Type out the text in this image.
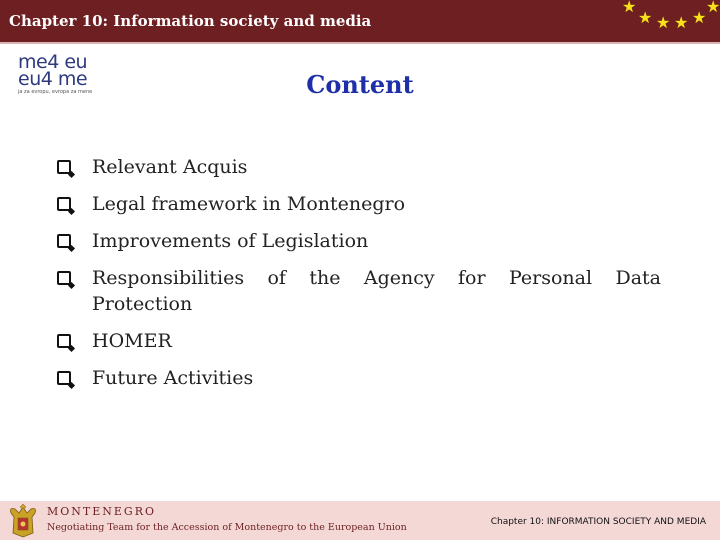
Chapter 10: Information society and media
★
★ ★ ★ ★
★
me4 eu
eu4 me
ja za evropu, evropa za mene	Content
Relevant Acquis
Legal framework in Montenegro
Improvements of Legislation
Responsibilities of the Agency for Personal Data Protection
HOMER
Future Activities
MONTENEGRO
Negotiating Team for the Accession of Montenegro to the European Union	Chapter 10: INFORMATION SOCIETY AND MEDIA
